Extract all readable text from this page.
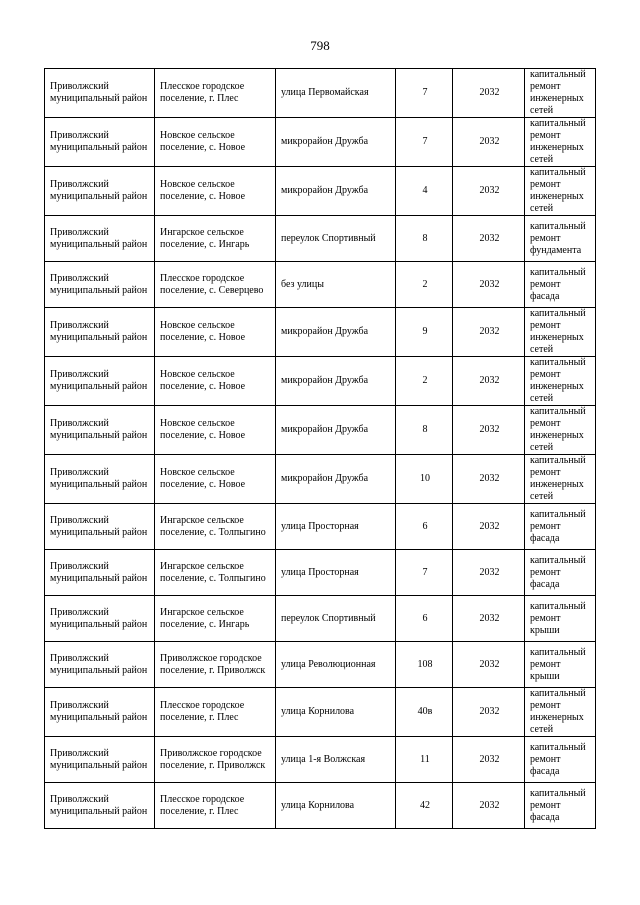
798
Приволжский муниципальный район	Плесское городское поселение, г. Плес	улица Первомайская	7	2032	капитальный ремонт инженерных сетей
Приволжский муниципальный район	Новское сельское поселение, с. Новое	микрорайон Дружба	7	2032	капитальный ремонт инженерных сетей
Приволжский муниципальный район	Новское сельское поселение, с. Новое	микрорайон Дружба	4	2032	капитальный ремонт инженерных сетей
Приволжский муниципальный район	Ингарское сельское поселение, с. Ингарь	переулок Спортивный	8	2032	капитальный ремонт фундамента
Приволжский муниципальный район	Плесское городское поселение, с. Северцево	без улицы	2	2032	капитальный ремонт фасада
Приволжский муниципальный район	Новское сельское поселение, с. Новое	микрорайон Дружба	9	2032	капитальный ремонт инженерных сетей
Приволжский муниципальный район	Новское сельское поселение, с. Новое	микрорайон Дружба	2	2032	капитальный ремонт инженерных сетей
Приволжский муниципальный район	Новское сельское поселение, с. Новое	микрорайон Дружба	8	2032	капитальный ремонт инженерных сетей
Приволжский муниципальный район	Новское сельское поселение, с. Новое	микрорайон Дружба	10	2032	капитальный ремонт инженерных сетей
Приволжский муниципальный район	Ингарское сельское поселение, с. Толпыгино	улица Просторная	6	2032	капитальный ремонт фасада
Приволжский муниципальный район	Ингарское сельское поселение, с. Толпыгино	улица Просторная	7	2032	капитальный ремонт фасада
Приволжский муниципальный район	Ингарское сельское поселение, с. Ингарь	переулок Спортивный	6	2032	капитальный ремонт крыши
Приволжский муниципальный район	Приволжское городское поселение, г. Приволжск	улица Революционная	108	2032	капитальный ремонт крыши
Приволжский муниципальный район	Плесское городское поселение, г. Плес	улица Корнилова	40в	2032	капитальный ремонт инженерных сетей
Приволжский муниципальный район	Приволжское городское поселение, г. Приволжск	улица 1-я Волжская	11	2032	капитальный ремонт фасада
Приволжский муниципальный район	Плесское городское поселение, г. Плес	улица Корнилова	42	2032	капитальный ремонт фасада
